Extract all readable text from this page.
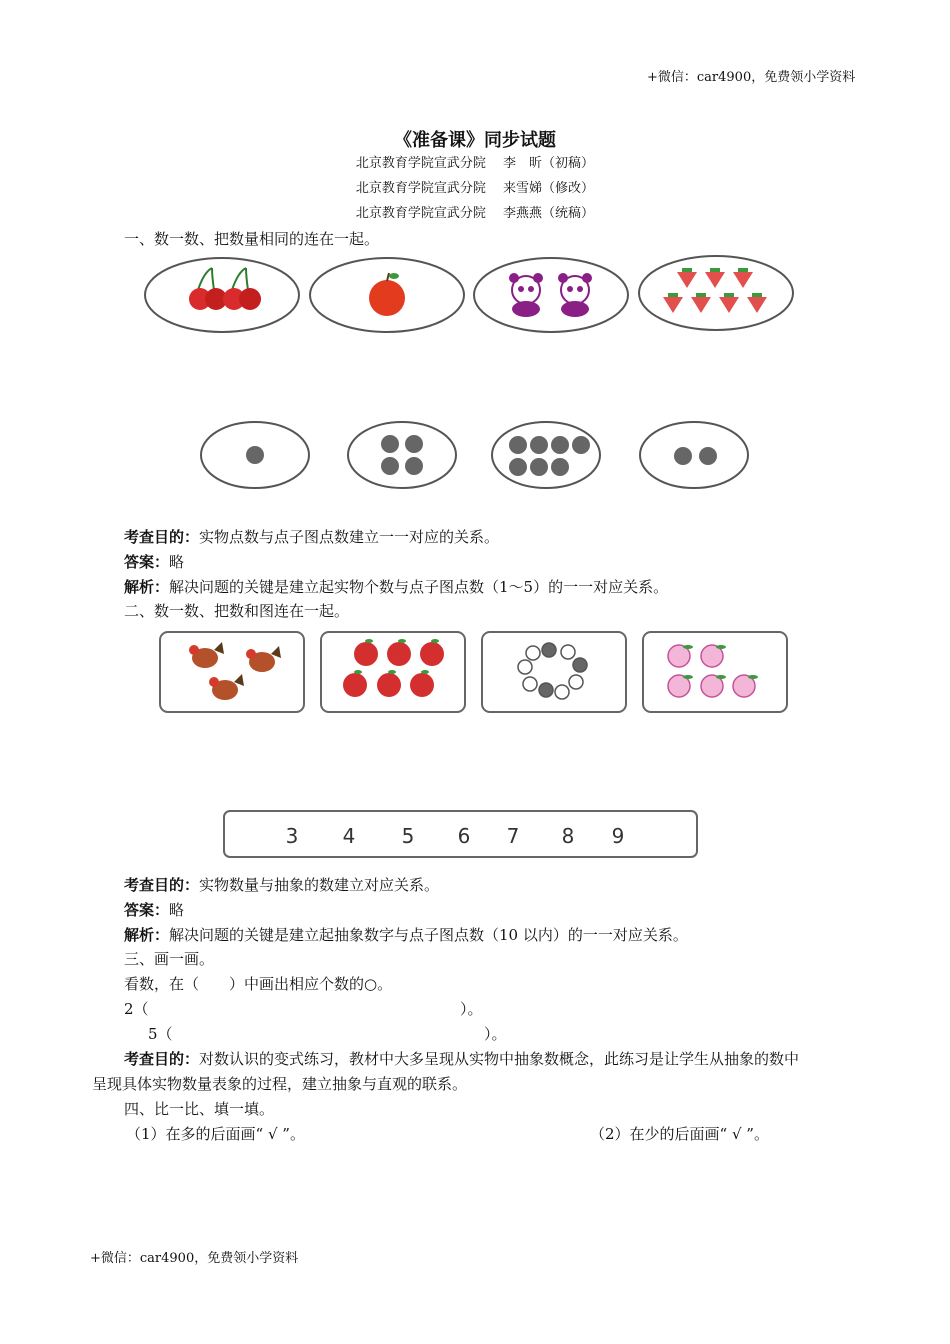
+微信：car4900，免费领小学资料
《准备课》同步试题
北京教育学院宣武分院　 李　昕（初稿）
北京教育学院宣武分院　 来雪娣（修改）
北京教育学院宣武分院　 李燕燕（统稿）
一、数一数、把数量相同的连在一起。
3 4 5 6 7 8 9
考查目的：实物点数与点子图点数建立一一对应的关系。
答案：略
解析：解决问题的关键是建立起实物个数与点子图点数（1～5）的一一对应关系。
二、数一数、把数和图连在一起。
考查目的：实物数量与抽象的数建立对应关系。
答案：略
解析：解决问题的关键是建立起抽象数字与点子图点数（10 以内）的一一对应关系。
三、画一画。
看数，在（　　）中画出相应个数的○。
2（	）。
5（	）。
考查目的：对数认识的变式练习，教材中大多呈现从实物中抽象数概念，此练习是让学生从抽象的数中
呈现具体实物数量表象的过程，建立抽象与直观的联系。
四、比一比、填一填。
（1）在多的后面画“ √ ”。	（2）在少的后面画“ √ ”。
+微信：car4900，免费领小学资料
